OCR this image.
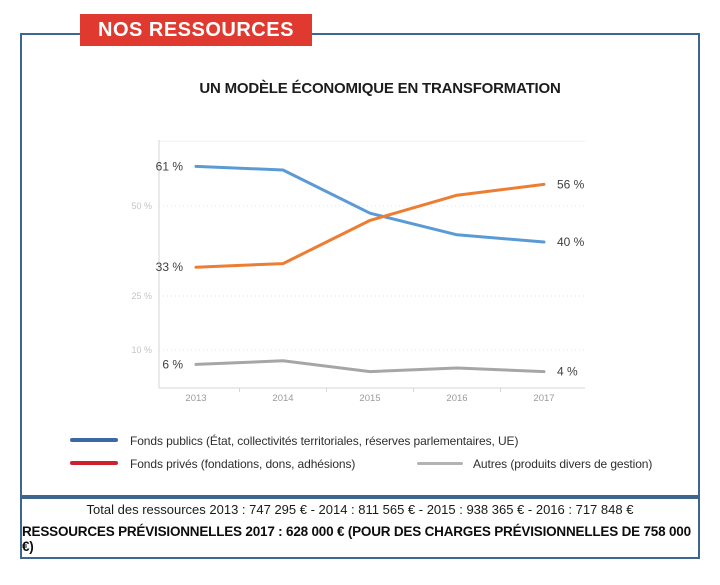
NOS RESSOURCES
UN MODÈLE ÉCONOMIQUE EN TRANSFORMATION
2013	2014	2015	2016	2017
50 %
25 %
10 %
61 %
40 %
33 %
56 %
6 %
4 %
Fonds publics (État, collectivités territoriales, réserves parlementaires, UE)
Fonds privés (fondations, dons, adhésions)	Autres (produits divers de gestion)
Total des ressources 2013 : 747 295 € - 2014 : 811 565 € - 2015 : 938 365 € - 2016 : 717 848 €
RESSOURCES PRÉVISIONNELLES 2017 : 628 000 € (POUR DES CHARGES PRÉVISIONNELLES DE 758 000 €)
